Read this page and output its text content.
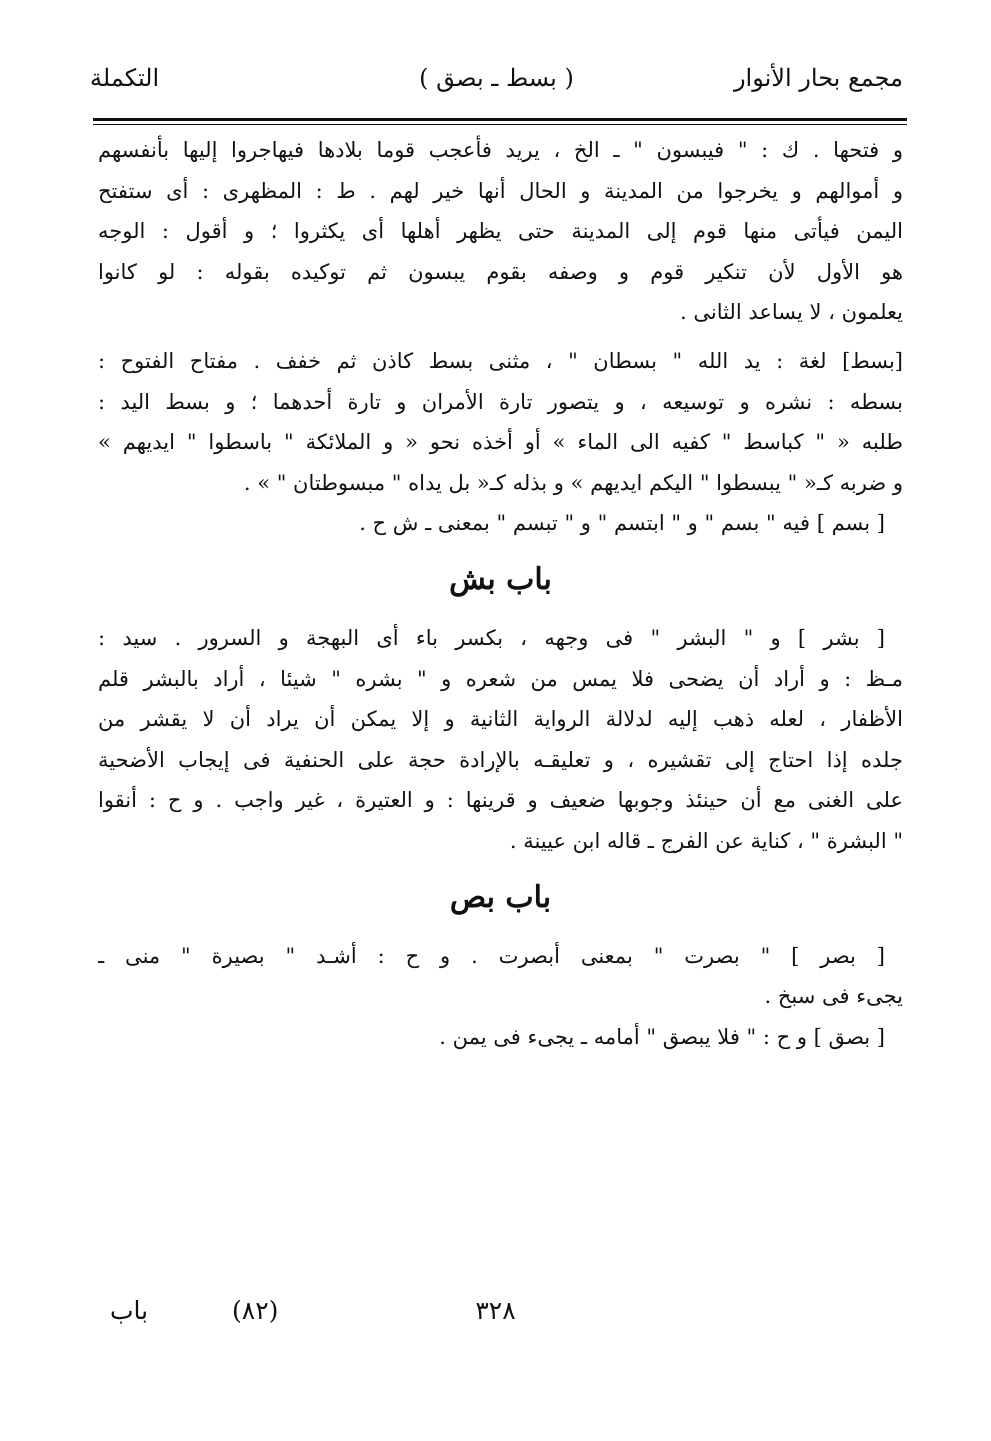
مجمع بحار الأنوار
( بسط ـ بصق )
التكملة
و فتحها . ك : " فيبسون " ـ الخ ، يريد فأعجب قوما بلادها فيهاجروا إليها بأنفسهم
و أموالهم و يخرجوا من المدينة و الحال أنها خير لهم . ط : المظهرى : أى ستفتح
اليمن فيأتى منها قوم إلى المدينة حتى يظهر أهلها أى يكثروا ؛ و أقول : الوجه
هو الأول لأن تنكير قوم و وصفه بقوم يبسون ثم توكيده بقوله : لو كانوا
يعلمون ، لا يساعد الثانى .
[بسط] لغة : يد الله " بسطان " ، مثنى بسط كاذن ثم خفف . مفتاح الفتوح :
بسطه : نشره و توسيعه ، و يتصور تارة الأمران و تارة أحدهما ؛ و بسط اليد :
طلبه « " كباسط " كفيه الى الماء » أو أخذه نحو « و الملائكة " باسطوا " ايديهم »
و ضربه كـ« " يبسطوا " اليكم ايديهم » و بذله كـ« بل يداه " مبسوطتان " » .
[ بسم ] فيه " بسم " و " ابتسم " و " تبسم " بمعنى ـ ش ح .
باب بش
[ بشر ] و " البشر " فى وجهه ، بكسر باء أى البهجة و السرور . سيد :
مـظ : و أراد أن يضحى فلا يمس من شعره و " بشره " شيئا ، أراد بالبشر قلم
الأظفار ، لعله ذهب إليه لدلالة الرواية الثانية و إلا يمكن أن يراد أن لا يقشر من
جلده إذا احتاج إلى تقشيره ، و تعليقـه بالإرادة حجة على الحنفية فى إيجاب الأضحية
على الغنى مع أن حينئذ وجوبها ضعيف و قرينها : و العتيرة ، غير واجب . و ح : أنقوا
" البشرة " ، كناية عن الفرج ـ قاله ابن عيينة .
باب بص
[ بصر ] " بصرت " بمعنى أبصرت . و ح : أشـد " بصيرة " منى ـ
يجىء فى سبخ .
[ بصق ] و ح : " فلا يبصق " أمامه ـ يجىء فى يمن .
٣٢٨
(٨٢)
باب
